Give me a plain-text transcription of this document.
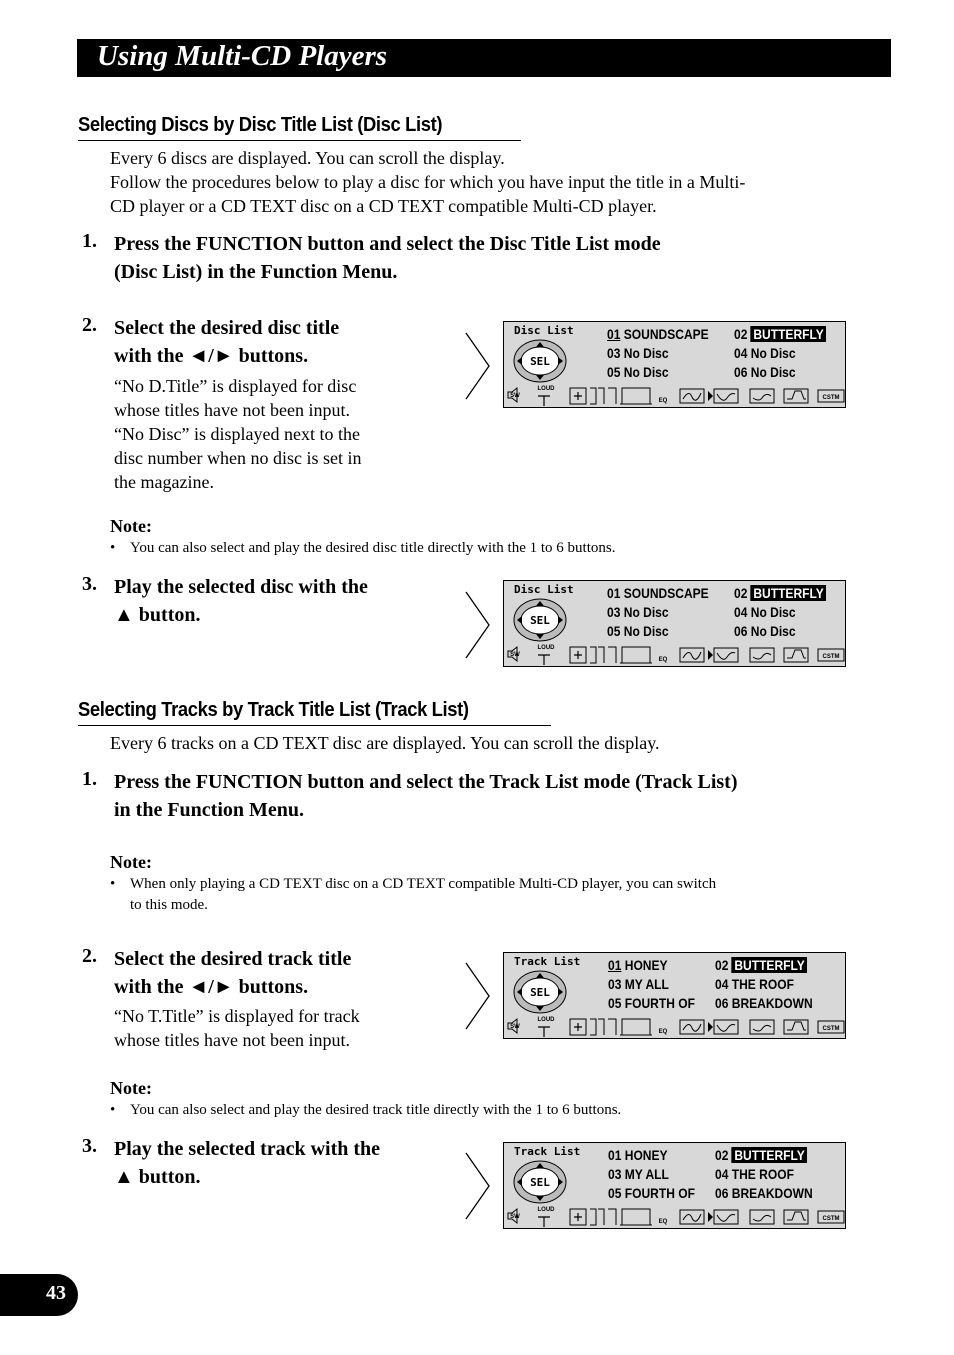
Using Multi-CD Players
Selecting Discs by Disc Title List (Disc List)
Every 6 discs are displayed. You can scroll the display.
Follow the procedures below to play a disc for which you have input the title in a Multi-
CD player or a CD TEXT disc on a CD TEXT compatible Multi-CD player.
1. Press the FUNCTION button and select the Disc Title List mode
(Disc List) in the Function Menu.
2. Select the desired disc title
with the ◄/► buttons.
“No D.Title” is displayed for disc
whose titles have not been input.
“No Disc” is displayed next to the
disc number when no disc is set in
the magazine.
Note:
• You can also select and play the desired disc title directly with the 1 to 6 buttons.
3. Play the selected disc with the
▲ button.
Selecting Tracks by Track Title List (Track List)
Every 6 tracks on a CD TEXT disc are displayed. You can scroll the display.
1. Press the FUNCTION button and select the Track List mode (Track List)
in the Function Menu.
Note:
• When only playing a CD TEXT disc on a CD TEXT compatible Multi-CD player, you can switch
to this mode.
2. Select the desired track title
with the ◄/► buttons.
“No T.Title” is displayed for track
whose titles have not been input.
Note:
• You can also select and play the desired track title directly with the 1 to 6 buttons.
3. Play the selected track with the
▲ button.
Disc List
SEL
01 SOUNDSCAPE 02 BUTTERFLY
03 No Disc	04 No Disc
05 No Disc	06 No Disc
SW
LOUD
EQ	CSTM
Disc List
SEL
01 SOUNDSCAPE 02 BUTTERFLY
03 No Disc	04 No Disc
05 No Disc	06 No Disc
SW
LOUD
EQ	CSTM
Track List
SEL
01 HONEY	02 BUTTERFLY
03 MY ALL	04 THE ROOF
05 FOURTH OF 06 BREAKDOWN
SW
LOUD
EQ	CSTM
Track List
SEL
01 HONEY	02 BUTTERFLY
03 MY ALL	04 THE ROOF
05 FOURTH OF 06 BREAKDOWN
SW
LOUD
EQ	CSTM
43
